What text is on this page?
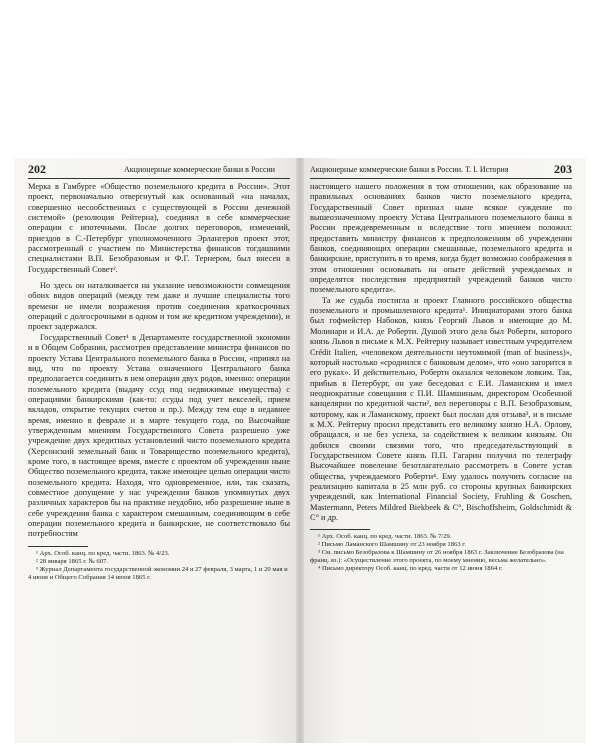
202	Акционерные коммерческие банки в России

Мерка в Гамбурге «Общество поземельного кредита в России». Этот проект, первоначально отвергнутый как основанный «на началах, совершенно несообственных с существующей в России денежной системой» (резолюция Рейтерна), соединял в себе коммерческие операции с ипотечными. После долгих переговоров, изменений, приездов в С.-Петербург уполномоченного Эрлангеров проект этот, рассмотренный с участием по Министерства финансов тогдашними специалистами В.П. Безобразовым и Ф.Г. Тернером, был внесен в Государственный Совет².

Но здесь он наталкивается на указание невозможности совмещения обоих видов операций (между тем даже и лучшие специалисты того времени не имели возражения против соединения краткосрочных операций с долгосрочными в одном и том же кредитном учреждении), и проект задержался.

Государственный Совет¹ в Департаменте государственной экономии и в Общем Собрании, рассмотрев представление министра финансов по проекту Устава Центрального поземельного банка в России, «принял на вид, что по проекту Устава означенного Центрального банка предполагается соединить в нем операции двух родов, именно: операции поземельного кредита (выдачу ссуд под недвижимые имущества) с операциями банкирскими (как-то: ссуды под учет векселей, прием вкладов, открытие текущих счетов и пр.). Между тем еще в недавнее время, именно в феврале и в марте текущего года, по Высочайше утвержденным мнениям Государственного Совета разрешено уже учреждение двух кредитных установлений чисто поземельного кредита (Херсонский земельный банк и Товарищество поземельного кредита), кроме того, в настоящее время, вместе с проектом об учреждении ныне Общество поземельного кредита, также имеющее целью операции чисто поземельного кредита. Находя, что одновременное, или, так сказать, совместное допущение у нас учреждения банков упомянутых двух различных характеров бы на практике неудобно, ибо разрешение ныне в себе учреждения банка с характером смешанным, соединяющим в себе операции поземельного кредита и банкирские, не соответствовало бы потребностям

¹ Арх. Особ. канц. по кред. части. 1863. № 4/23.

² 28 января 1865 г. № 607.

³ Журнал Департамента государственной экономии 24 и 27 февраля, 3 марта, 1 и 20 мая и 4 июня и Общего Собрания 14 июня 1865 г.

Акционерные коммерческие банки в России. Т. I. История	203

настоящего нашего положения в том отношении, как образование на правильных основаниях банков чисто поземельного кредита, Государственный Совет признал ныне всякое суждение по вышеозначенному проекту Устава Центрального поземельного банка в России преждевременным и вследствие того мнением положил: предоставить министру финансов к предположениям об учреждении банков, соединяющих операции смешанные, поземельного кредита и банкирские, приступить в то время, когда будет возможно соображения в этом отношении основывать на опыте действий учреждаемых и определятся последствия предприятий учреждений банков чисто поземельного кредита».

Та же судьба постигла и проект Главного российского общества поземельного и промышленного кредита¹. Инициаторами этого банка был гофмейстер Набоков, князь Георгий Львов и имеющие до М. Молинари и И.А. де Роберти. Душой этого дела был Роберти, которого князь Львов в письме к М.Х. Рейтерну называет известным учредителем Crédit Italien, «человеком деятельности неутомимой (man of business)», который настолько «сроднился с банковым делом», что «оно загорится в его руках». И действительно, Роберти оказался человеком ловким. Так, прибыв в Петербург, он уже беседовал с Е.И. Ламанским и имел неоднократные совещания с П.И. Шамшиным, директором Особенной канцелярии по кредитной части², вел переговоры с В.П. Безобразовым, которому, как и Ламанскому, проект был послан для отзыва³, и в письме к М.Х. Рейтерну просил представить его великому князю Н.А. Орлову, обращался, и не без успеха, за содействием к великим князьям. Он добился своими связями того, что председательствующий в Государственном Совете князь П.П. Гагарин получил по телеграфу Высочайшее повеление безотлагательно рассмотреть в Совете устав общества, учреждаемого Роберти⁴. Ему удалось получить согласие на реализацию капитала в 25 млн руб. со стороны крупных банкирских учреждений, как International Financial Society, Fruhling & Goschen, Mastermann, Peters Mildred Biekbeek & C°, Bischoffsheim, Goldschmidt & C° и др.

¹ Арх. Особ. канц. по кред. части. 1863. № 7/29.

² Письмо Ламанского Шамшину от 23 ноября 1863 г.

³ См. письмо Безобразова к Шамшину от 26 ноября 1863 г. Заключение Безобразова (на франц. яз.): «Осуществление этого проекта, по моему мнению, весьма желательно».

⁴ Письмо директору Особ. канц. по кред. части от 12 июня 1864 г.
